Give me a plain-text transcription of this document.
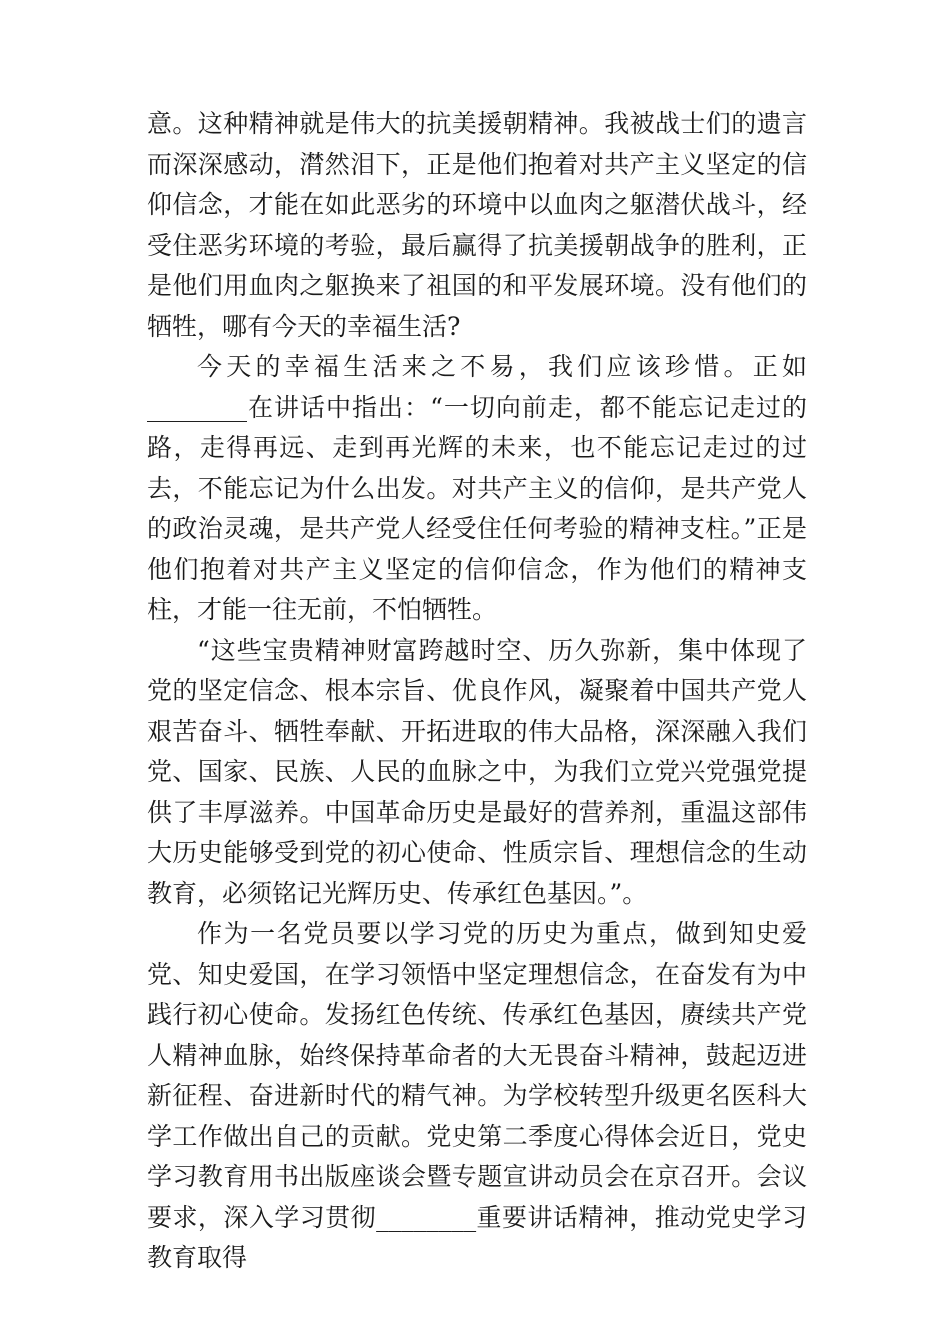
意。这种精神就是伟大的抗美援朝精神。我被战士们的遗言而深深感动，潸然泪下，正是他们抱着对共产主义坚定的信仰信念，才能在如此恶劣的环境中以血肉之躯潜伏战斗，经受住恶劣环境的考验，最后赢得了抗美援朝战争的胜利，正是他们用血肉之躯换来了祖国的和平发展环境。没有他们的牺牲，哪有今天的幸福生活?

今天的幸福生活来之不易，我们应该珍惜。正如________在讲话中指出：“一切向前走，都不能忘记走过的路，走得再远、走到再光辉的未来，也不能忘记走过的过去，不能忘记为什么出发。对共产主义的信仰，是共产党人的政治灵魂，是共产党人经受住任何考验的精神支柱。”正是他们抱着对共产主义坚定的信仰信念，作为他们的精神支柱，才能一往无前，不怕牺牲。

“这些宝贵精神财富跨越时空、历久弥新，集中体现了党的坚定信念、根本宗旨、优良作风，凝聚着中国共产党人艰苦奋斗、牺牲奉献、开拓进取的伟大品格，深深融入我们党、国家、民族、人民的血脉之中，为我们立党兴党强党提供了丰厚滋养。中国革命历史是最好的营养剂，重温这部伟大历史能够受到党的初心使命、性质宗旨、理想信念的生动教育，必须铭记光辉历史、传承红色基因。”。

作为一名党员要以学习党的历史为重点，做到知史爱党、知史爱国，在学习领悟中坚定理想信念，在奋发有为中践行初心使命。发扬红色传统、传承红色基因，赓续共产党人精神血脉，始终保持革命者的大无畏奋斗精神，鼓起迈进新征程、奋进新时代的精气神。为学校转型升级更名医科大学工作做出自己的贡献。党史第二季度心得体会近日，党史学习教育用书出版座谈会暨专题宣讲动员会在京召开。会议要求，深入学习贯彻________重要讲话精神，推动党史学习教育取得
